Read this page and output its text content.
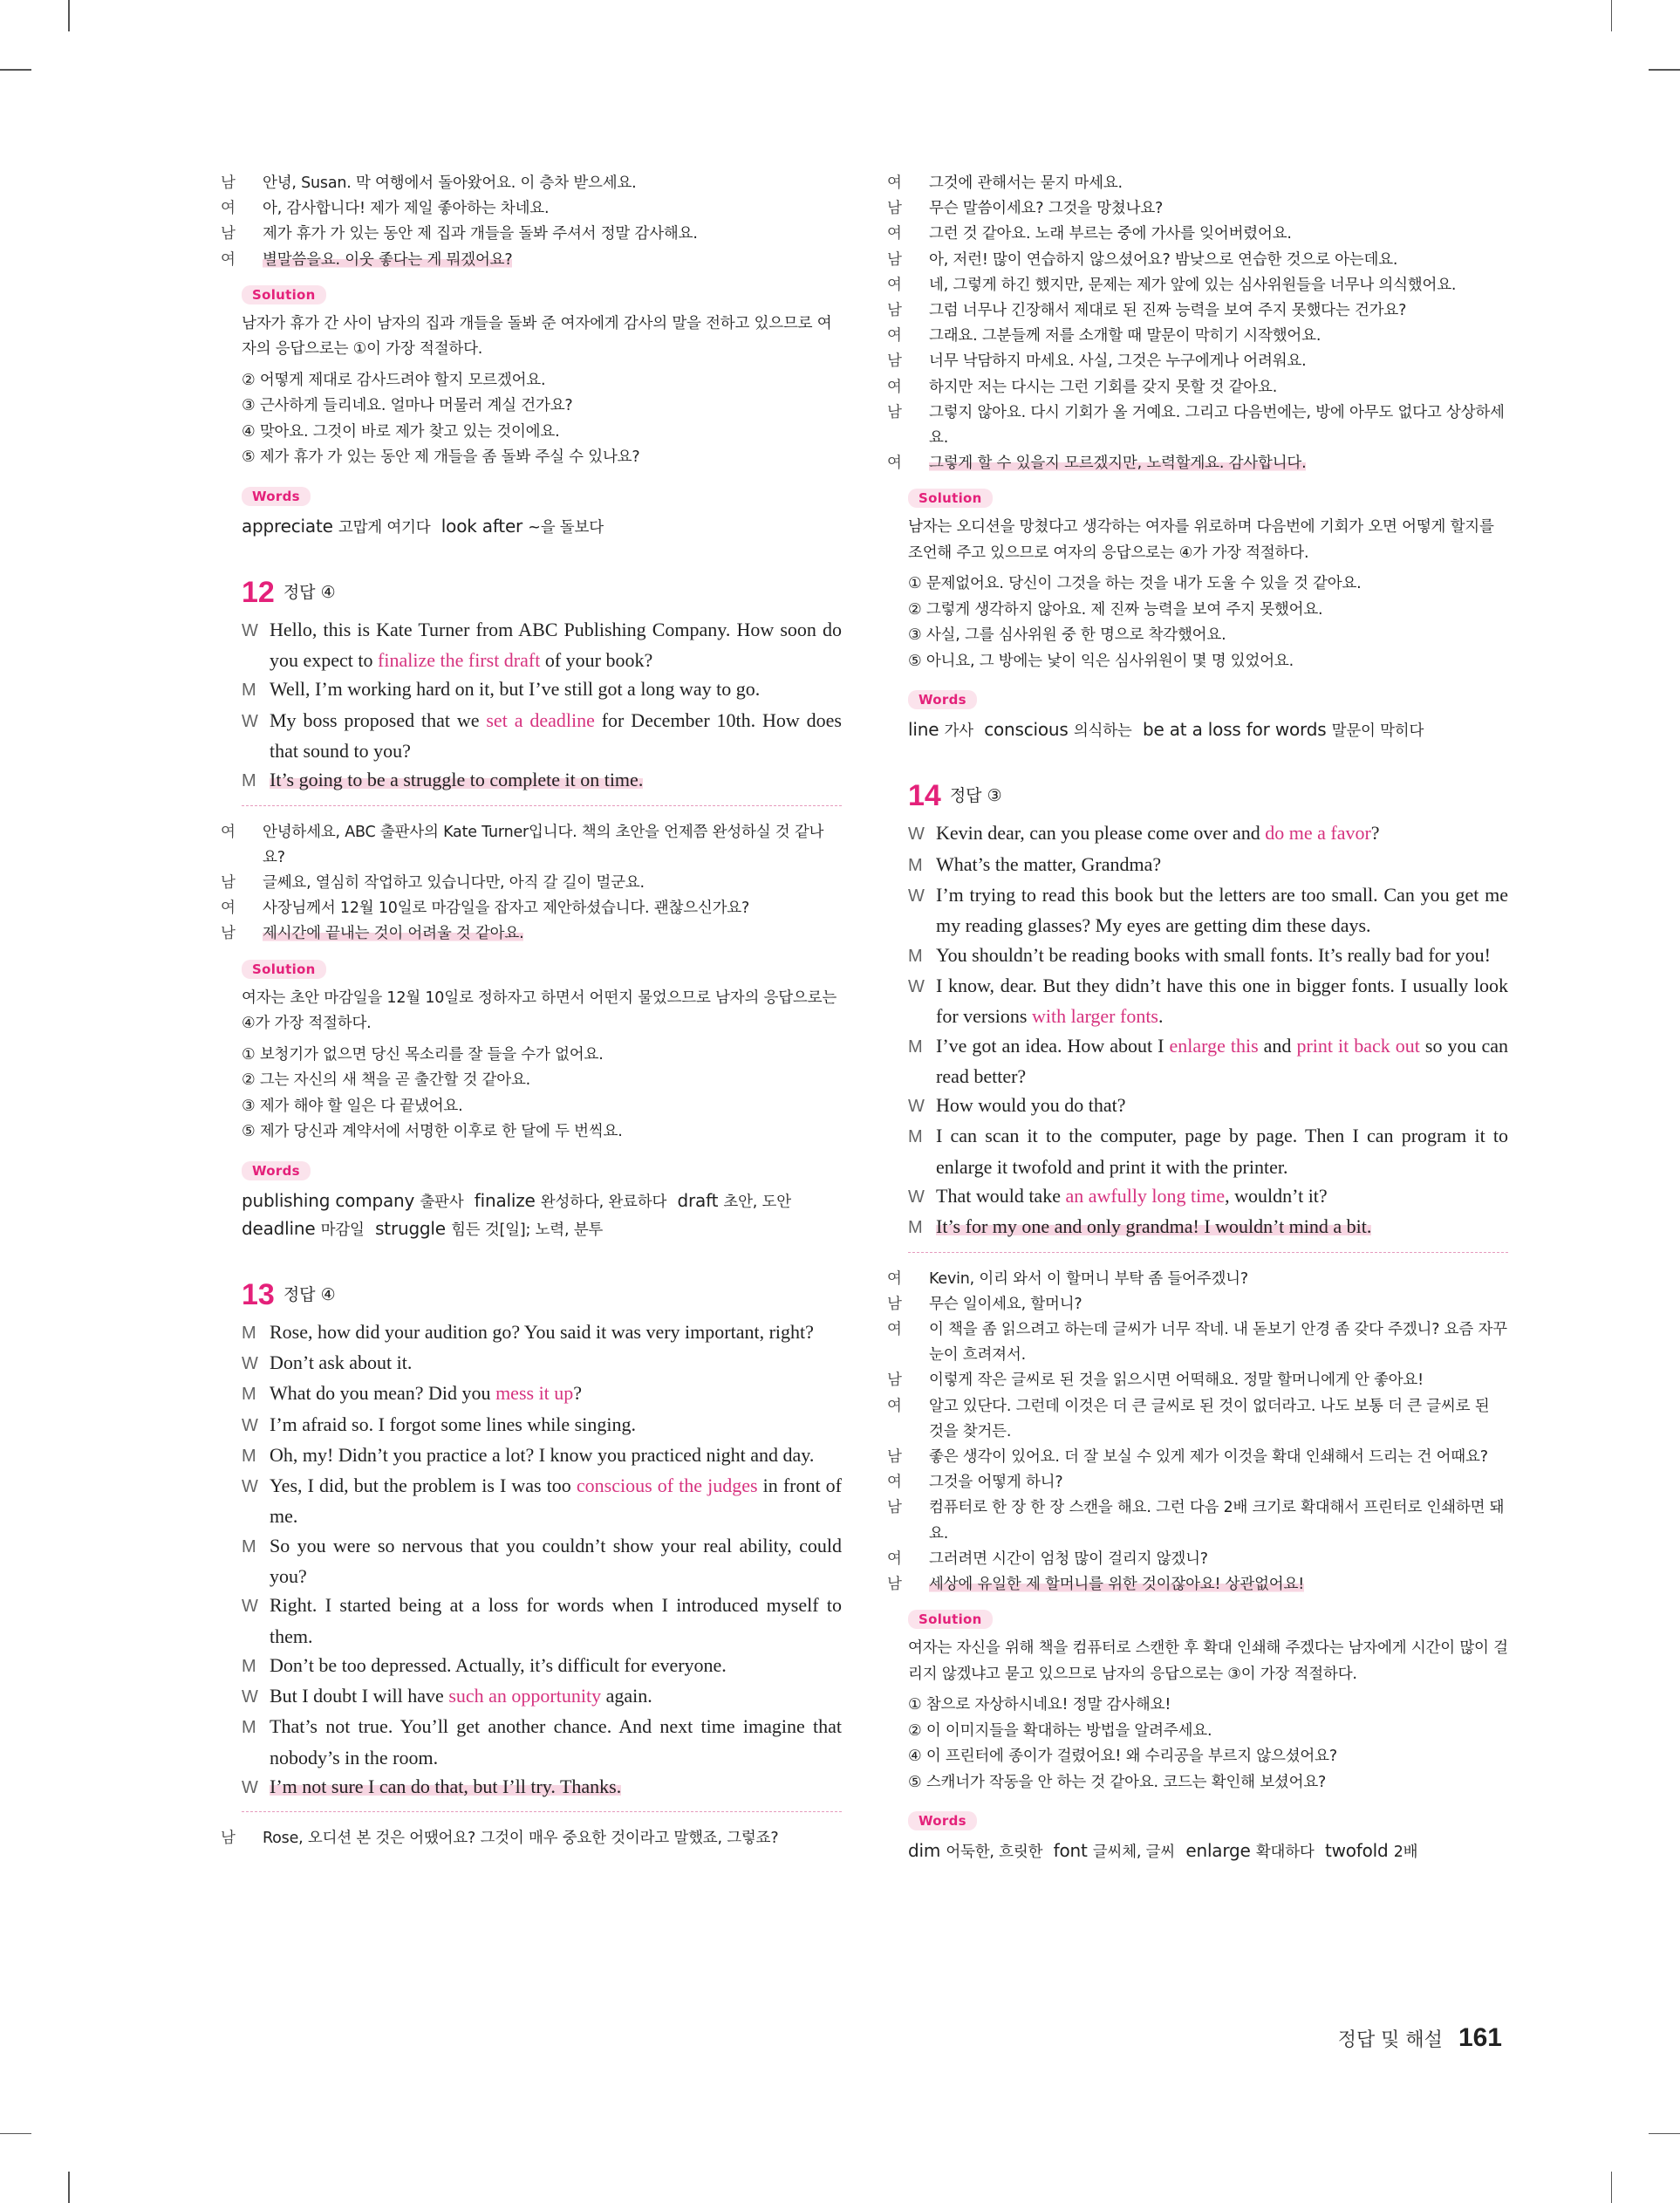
남 안녕, Susan. 막 여행에서 돌아왔어요. 이 층차 받으세요.
여 아, 감사합니다! 제가 제일 좋아하는 차네요.
남 제가 휴가 가 있는 동안 제 집과 개들을 돌봐 주셔서 정말 감사해요.
여 별말씀을요. 이웃 좋다는 게 뭐겠어요?
Solution
남자가 휴가 간 사이 남자의 집과 개들을 돌봐 준 여자에게 감사의 말을 전하고 있으므로 여자의 응답으로는 ①이 가장 적절하다.
② 어떻게 제대로 감사드려야 할지 모르겠어요.
③ 근사하게 들리네요. 얼마나 머물러 계실 건가요?
④ 맞아요. 그것이 바로 제가 찾고 있는 것이에요.
⑤ 제가 휴가 가 있는 동안 제 개들을 좀 돌봐 주실 수 있나요?
Words
appreciate 고맙게 여기다 look after ~을 돌보다
12 정답 ④
W Hello, this is Kate Turner from ABC Publishing Company. How soon do you expect to finalize the first draft of your book?
M Well, I’m working hard on it, but I’ve still got a long way to go.
W My boss proposed that we set a deadline for December 10th. How does that sound to you?
M It’s going to be a struggle to complete it on time.
여 안녕하세요, ABC 출판사의 Kate Turner입니다. 책의 초안을 언제쯤 완성하실 것 같나요?
남 글쎄요, 열심히 작업하고 있습니다만, 아직 갈 길이 멀군요.
여 사장님께서 12월 10일로 마감일을 잡자고 제안하셨습니다. 괜찮으신가요?
남 제시간에 끝내는 것이 어려울 것 같아요.
Solution
여자는 초안 마감일을 12월 10일로 정하자고 하면서 어떤지 물었으므로 남자의 응답으로는 ④가 가장 적절하다.
① 보청기가 없으면 당신 목소리를 잘 들을 수가 없어요.
② 그는 자신의 새 책을 곧 출간할 것 같아요.
③ 제가 해야 할 일은 다 끝냈어요.
⑤ 제가 당신과 계약서에 서명한 이후로 한 달에 두 번씩요.
Words
publishing company 출판사 finalize 완성하다, 완료하다 draft 초안, 도안  deadline 마감일 struggle 힘든 것[일]; 노력, 분투
13 정답 ④
M Rose, how did your audition go? You said it was very important, right?
W Don’t ask about it.
M What do you mean? Did you mess it up?
W I’m afraid so. I forgot some lines while singing.
M Oh, my! Didn’t you practice a lot? I know you practiced night and day.
W Yes, I did, but the problem is I was too conscious of the judges in front of me.
M So you were so nervous that you couldn’t show your real ability, could you?
W Right. I started being at a loss for words when I introduced myself to them.
M Don’t be too depressed. Actually, it’s difficult for everyone.
W But I doubt I will have such an opportunity again.
M That’s not true. You’ll get another chance. And next time imagine that nobody’s in the room.
W I’m not sure I can do that, but I’ll try. Thanks.
남 Rose, 오디션 본 것은 어땠어요? 그것이 매우 중요한 것이라고 말했죠, 그렇죠?
여 그것에 관해서는 묻지 마세요.
남 무슨 말씀이세요? 그것을 망쳤나요?
여 그런 것 같아요. 노래 부르는 중에 가사를 잊어버렸어요.
남 아, 저런! 많이 연습하지 않으셨어요? 밤낮으로 연습한 것으로 아는데요.
여 네, 그렇게 하긴 했지만, 문제는 제가 앞에 있는 심사위원들을 너무나 의식했어요.
남 그럼 너무나 긴장해서 제대로 된 진짜 능력을 보여 주지 못했다는 건가요?
여 그래요. 그분들께 저를 소개할 때 말문이 막히기 시작했어요.
남 너무 낙담하지 마세요. 사실, 그것은 누구에게나 어려워요.
여 하지만 저는 다시는 그런 기회를 갖지 못할 것 같아요.
남 그렇지 않아요. 다시 기회가 올 거예요. 그리고 다음번에는, 방에 아무도 없다고 상상하세요.
여 그렇게 할 수 있을지 모르겠지만, 노력할게요. 감사합니다.
Solution
남자는 오디션을 망쳤다고 생각하는 여자를 위로하며 다음번에 기회가 오면 어떻게 할지를 조언해 주고 있으므로 여자의 응답으로는 ④가 가장 적절하다.
① 문제없어요. 당신이 그것을 하는 것을 내가 도울 수 있을 것 같아요.
② 그렇게 생각하지 않아요. 제 진짜 능력을 보여 주지 못했어요.
③ 사실, 그를 심사위원 중 한 명으로 착각했어요.
⑤ 아니요, 그 방에는 낯이 익은 심사위원이 몇 명 있었어요.
Words
line 가사 conscious 의식하는 be at a loss for words 말문이 막히다
14 정답 ③
W Kevin dear, can you please come over and do me a favor?
M What’s the matter, Grandma?
W I’m trying to read this book but the letters are too small. Can you get me my reading glasses? My eyes are getting dim these days.
M You shouldn’t be reading books with small fonts. It’s really bad for you!
W I know, dear. But they didn’t have this one in bigger fonts. I usually look for versions with larger fonts.
M I’ve got an idea. How about I enlarge this and print it back out so you can read better?
W How would you do that?
M I can scan it to the computer, page by page. Then I can program it to enlarge it twofold and print it with the printer.
W That would take an awfully long time, wouldn’t it?
M It’s for my one and only grandma! I wouldn’t mind a bit.
여 Kevin, 이리 와서 이 할머니 부탁 좀 들어주겠니?
남 무슨 일이세요, 할머니?
여 이 책을 좀 읽으려고 하는데 글씨가 너무 작네. 내 돋보기 안경 좀 갖다 주겠니? 요즘 자꾸 눈이 흐려져서.
남 이렇게 작은 글씨로 된 것을 읽으시면 어떡해요. 정말 할머니에게 안 좋아요!
여 알고 있단다. 그런데 이것은 더 큰 글씨로 된 것이 없더라고. 나도 보통 더 큰 글씨로 된 것을 찾거든.
남 좋은 생각이 있어요. 더 잘 보실 수 있게 제가 이것을 확대 인쇄해서 드리는 건 어때요?
여 그것을 어떻게 하니?
남 컴퓨터로 한 장 한 장 스캔을 해요. 그런 다음 2배 크기로 확대해서 프린터로 인쇄하면 돼요.
여 그러려면 시간이 엄청 많이 걸리지 않겠니?
남 세상에 유일한 제 할머니를 위한 것이잖아요! 상관없어요!
Solution
여자는 자신을 위해 책을 컴퓨터로 스캔한 후 확대 인쇄해 주겠다는 남자에게 시간이 많이 걸리지 않겠냐고 묻고 있으므로 남자의 응답으로는 ③이 가장 적절하다.
① 참으로 자상하시네요! 정말 감사해요!
② 이 이미지들을 확대하는 방법을 알려주세요.
④ 이 프린터에 종이가 걸렸어요! 왜 수리공을 부르지 않으셨어요?
⑤ 스캐너가 작동을 안 하는 것 같아요. 코드는 확인해 보셨어요?
Words
dim 어둑한, 흐릿한 font 글씨체, 글씨 enlarge 확대하다 twofold 2배
정답 및 해설 161
